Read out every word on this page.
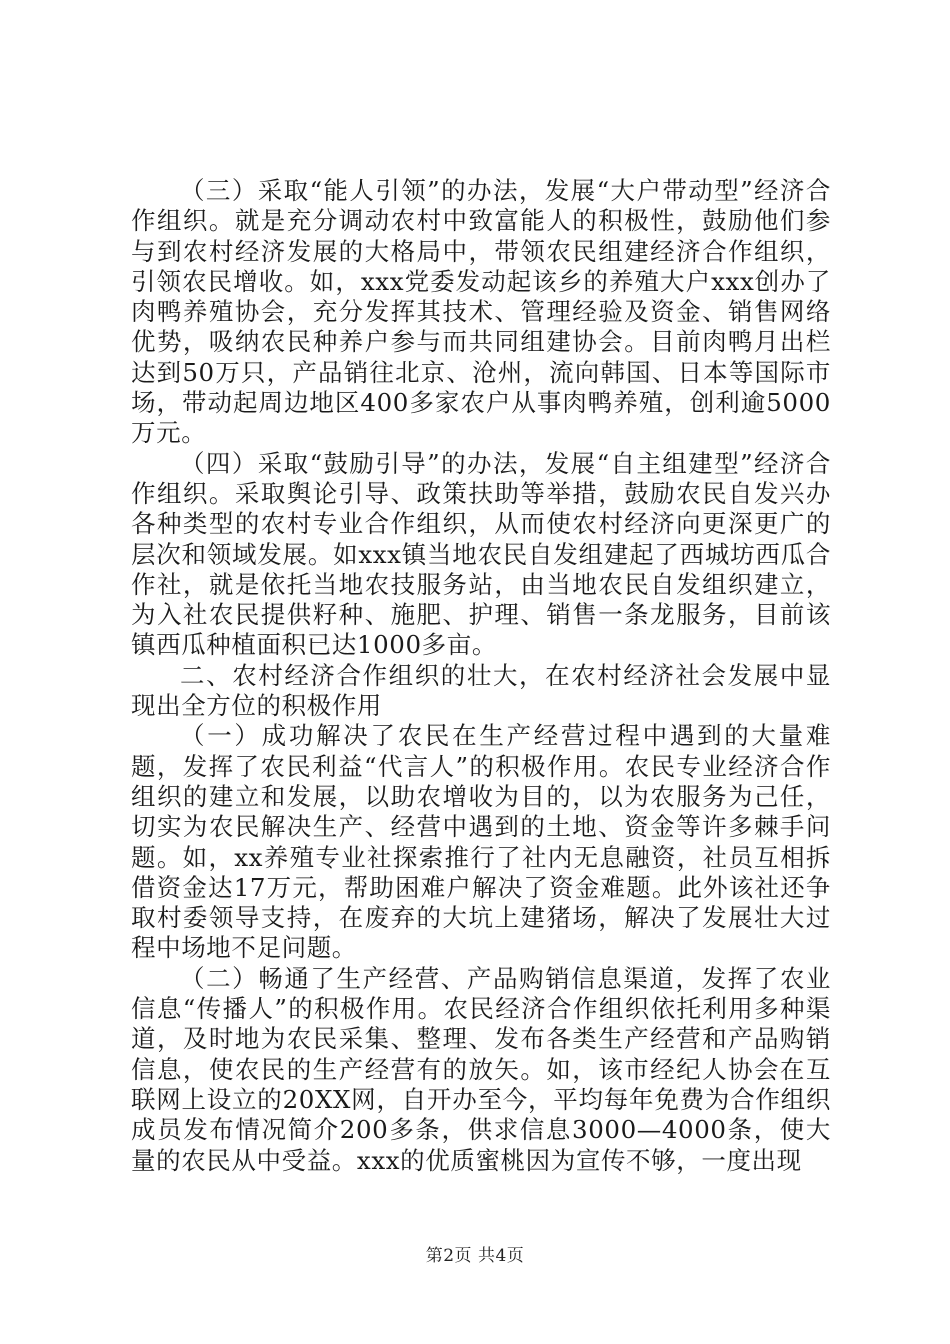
（三）采取“能人引领”的办法，发展“大户带动型”经济合作组织。就是充分调动农村中致富能人的积极性，鼓励他们参与到农村经济发展的大格局中，带领农民组建经济合作组织，引领农民增收。如，xxx党委发动起该乡的养殖大户xxx创办了肉鸭养殖协会，充分发挥其技术、管理经验及资金、销售网络优势，吸纳农民种养户参与而共同组建协会。目前肉鸭月出栏达到50万只，产品销往北京、沧州，流向韩国、日本等国际市场，带动起周边地区400多家农户从事肉鸭养殖，创利逾5000万元。

（四）采取“鼓励引导”的办法，发展“自主组建型”经济合作组织。采取舆论引导、政策扶助等举措，鼓励农民自发兴办各种类型的农村专业合作组织，从而使农村经济向更深更广的层次和领域发展。如xxx镇当地农民自发组建起了西城坊西瓜合作社，就是依托当地农技服务站，由当地农民自发组织建立，为入社农民提供籽种、施肥、护理、销售一条龙服务，目前该镇西瓜种植面积已达1000多亩。

二、农村经济合作组织的壮大，在农村经济社会发展中显现出全方位的积极作用

（一）成功解决了农民在生产经营过程中遇到的大量难题，发挥了农民利益“代言人”的积极作用。农民专业经济合作组织的建立和发展，以助农增收为目的，以为农服务为己任，切实为农民解决生产、经营中遇到的土地、资金等许多棘手问题。如，xx养殖专业社探索推行了社内无息融资，社员互相拆借资金达17万元，帮助困难户解决了资金难题。此外该社还争取村委领导支持，在废弃的大坑上建猪场，解决了发展壮大过程中场地不足问题。

（二）畅通了生产经营、产品购销信息渠道，发挥了农业信息“传播人”的积极作用。农民经济合作组织依托利用多种渠道，及时地为农民采集、整理、发布各类生产经营和产品购销信息，使农民的生产经营有的放矢。如，该市经纪人协会在互联网上设立的20XX网，自开办至今，平均每年免费为合作组织成员发布情况简介200多条，供求信息3000—4000条，使大量的农民从中受益。xxx的优质蜜桃因为宣传不够，一度出现

第2页 共4页
